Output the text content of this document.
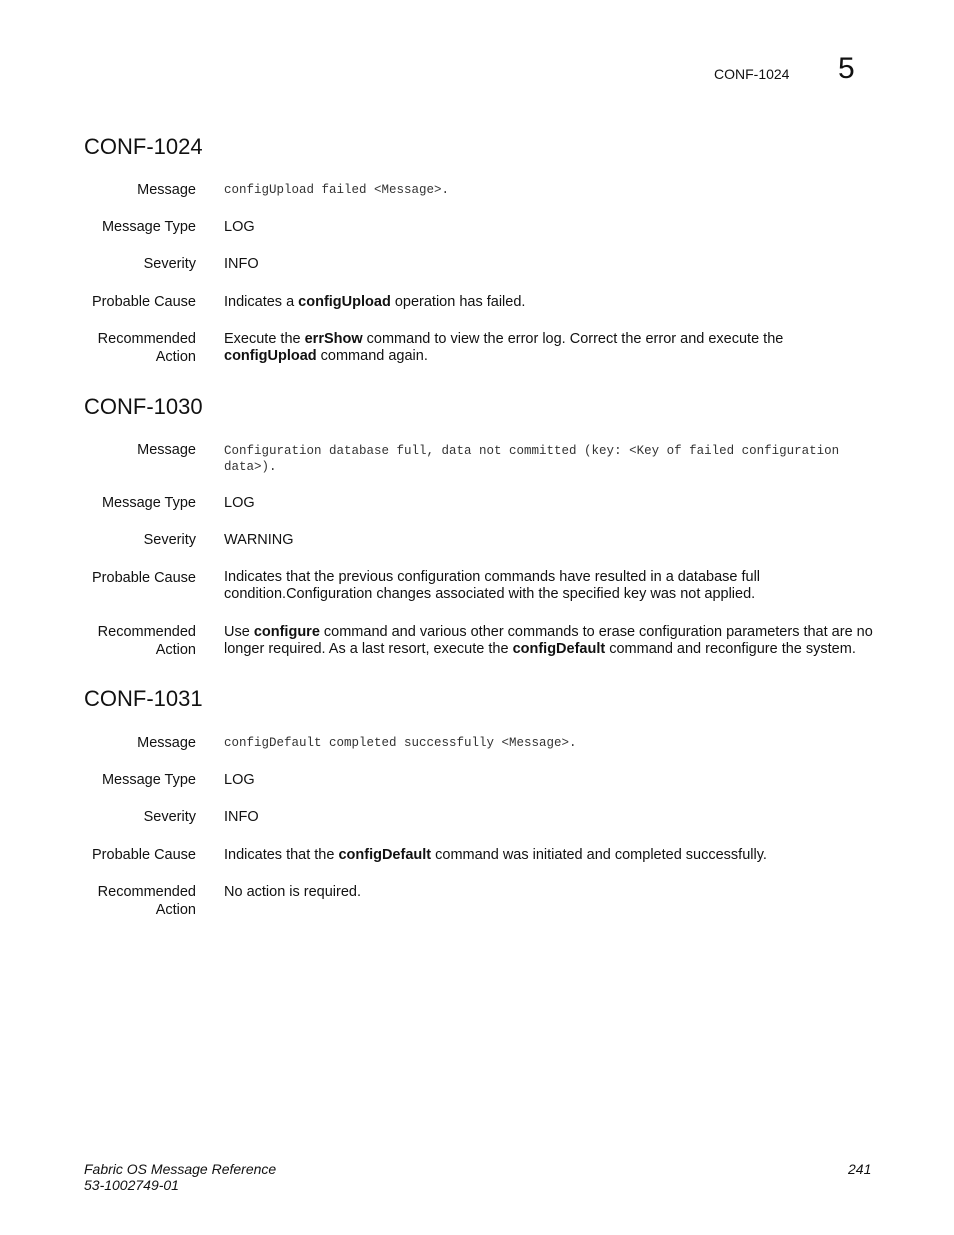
CONF-1024 5
CONF-1024
Message configUpload failed <Message>.
Message Type LOG
Severity INFO
Probable Cause Indicates a configUpload operation has failed.
Recommended
Action
Execute the errShow command to view the error log. Correct the error and execute the configUpload command again.
CONF-1030
Message Configuration database full, data not committed (key: <Key of failed configuration
data>).
Message Type LOG
Severity WARNING
Probable Cause Indicates that the previous configuration commands have resulted in a database full
condition.Configuration changes associated with the specified key was not applied.
Recommended
Action
Use configure command and various other commands to erase configuration parameters that are no longer required. As a last resort, execute the configDefault command and reconfigure the system.
CONF-1031
Message configDefault completed successfully <Message>.
Message Type LOG
Severity INFO
Probable Cause Indicates that the configDefault command was initiated and completed successfully.
Recommended
Action
No action is required.
Fabric OS Message Reference
53-1002749-01
241
